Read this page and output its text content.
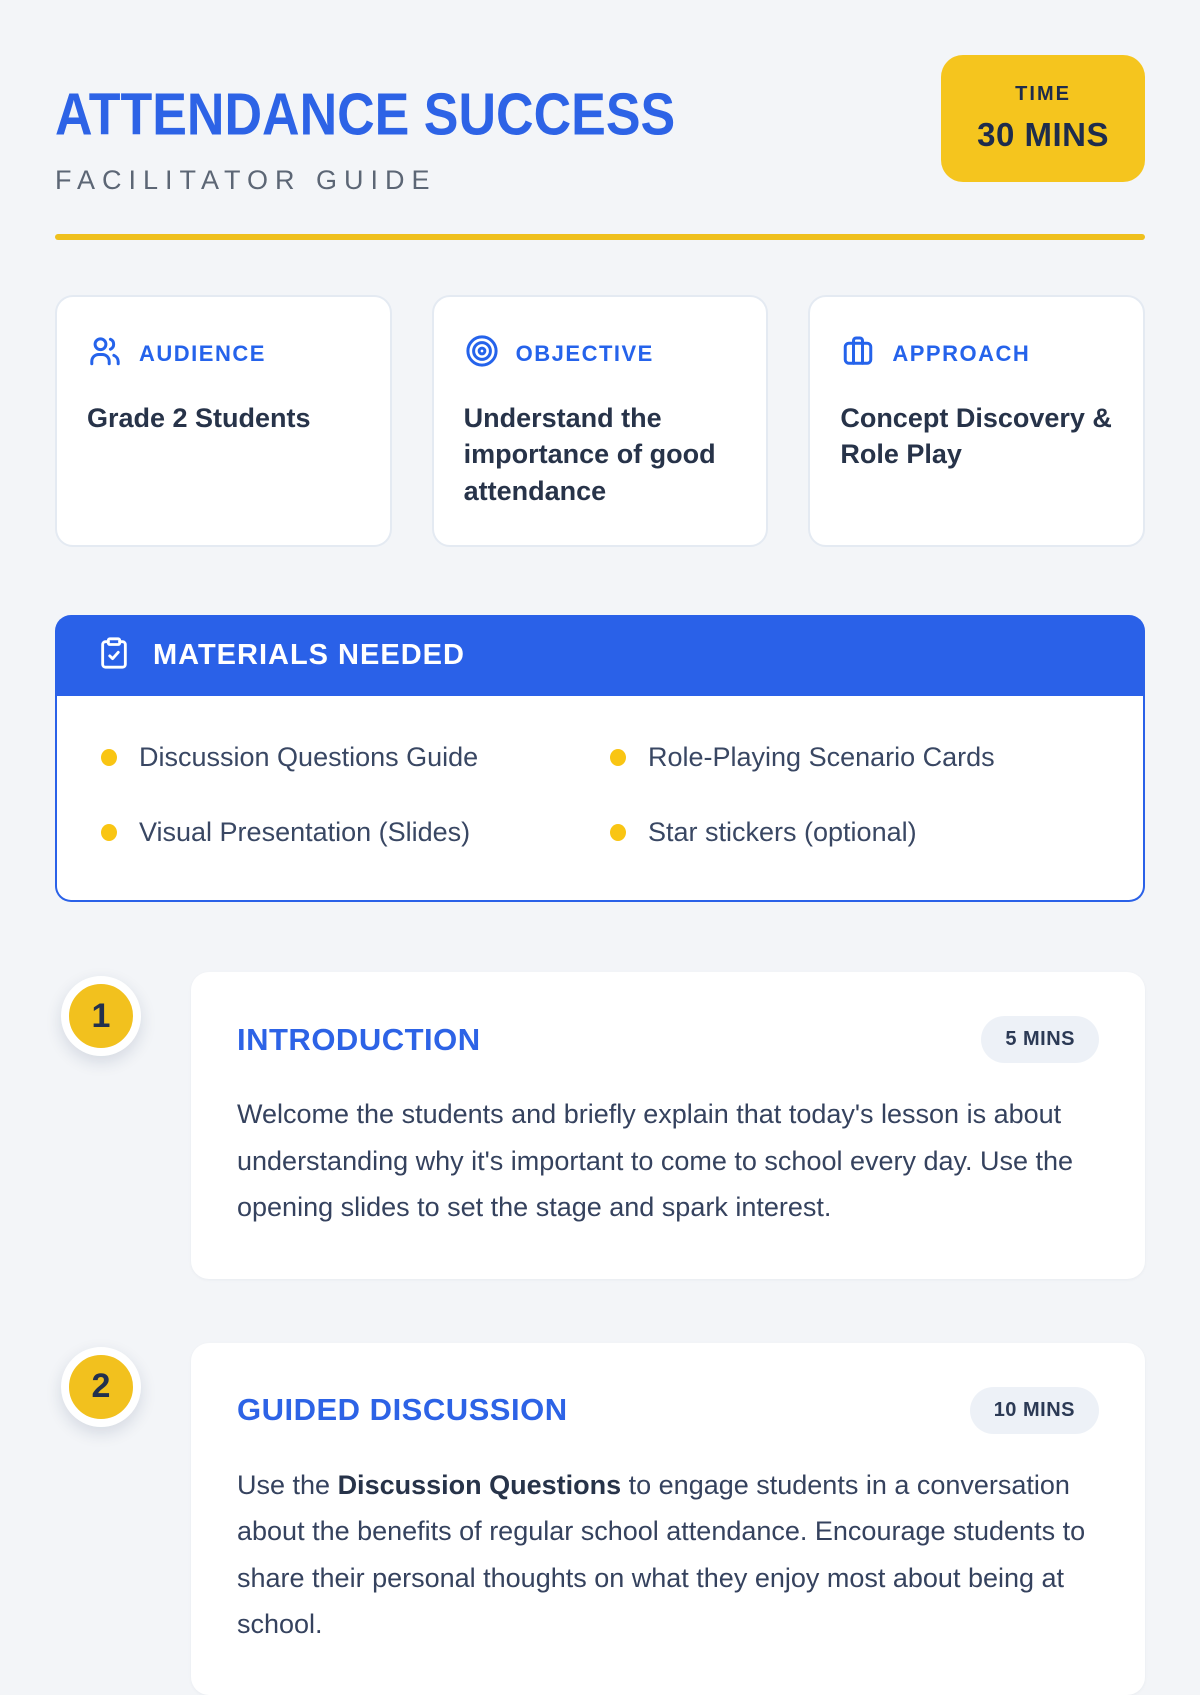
ATTENDANCE SUCCESS
FACILITATOR GUIDE
TIME
30 MINS
AUDIENCE
Grade 2 Students
OBJECTIVE
Understand the importance of good attendance
APPROACH
Concept Discovery & Role Play
MATERIALS NEEDED
Discussion Questions Guide	Role-Playing Scenario Cards
Visual Presentation (Slides)	Star stickers (optional)
1
INTRODUCTION	5 MINS
Welcome the students and briefly explain that today's lesson is about understanding why it's important to come to school every day. Use the opening slides to set the stage and spark interest.
2
GUIDED DISCUSSION	10 MINS
Use the Discussion Questions to engage students in a conversation about the benefits of regular school attendance. Encourage students to share their personal thoughts on what they enjoy most about being at school.
